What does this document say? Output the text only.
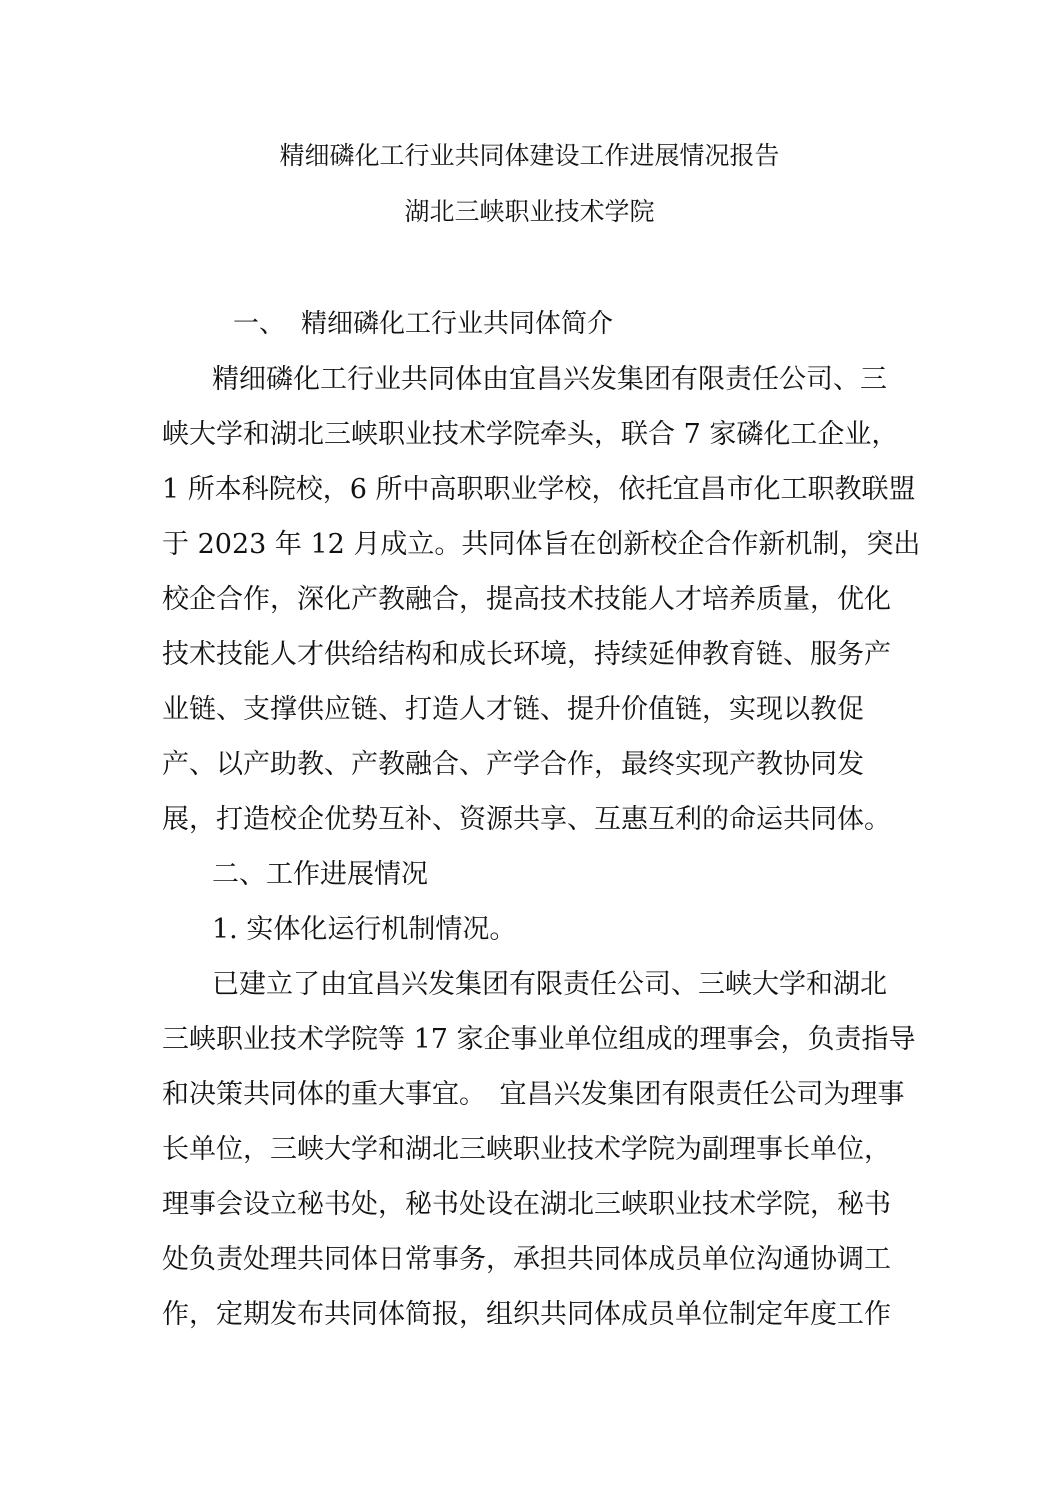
精细磷化工行业共同体建设工作进展情况报告
湖北三峡职业技术学院
一、 精细磷化工行业共同体简介
精细磷化工行业共同体由宜昌兴发集团有限责任公司、三
峡大学和湖北三峡职业技术学院牵头，联合 7 家磷化工企业，
1 所本科院校，6 所中高职职业学校，依托宜昌市化工职教联盟
于 2023 年 12 月成立。共同体旨在创新校企合作新机制，突出
校企合作，深化产教融合，提高技术技能人才培养质量，优化
技术技能人才供给结构和成长环境，持续延伸教育链、服务产
业链、支撑供应链、打造人才链、提升价值链，实现以教促
产、以产助教、产教融合、产学合作，最终实现产教协同发
展，打造校企优势互补、资源共享、互惠互利的命运共同体。
二、工作进展情况
1. 实体化运行机制情况。
已建立了由宜昌兴发集团有限责任公司、三峡大学和湖北
三峡职业技术学院等 17 家企事业单位组成的理事会，负责指导
和决策共同体的重大事宜。　宜昌兴发集团有限责任公司为理事
长单位，三峡大学和湖北三峡职业技术学院为副理事长单位，
理事会设立秘书处，秘书处设在湖北三峡职业技术学院，秘书
处负责处理共同体日常事务，承担共同体成员单位沟通协调工
作，定期发布共同体简报，组织共同体成员单位制定年度工作
